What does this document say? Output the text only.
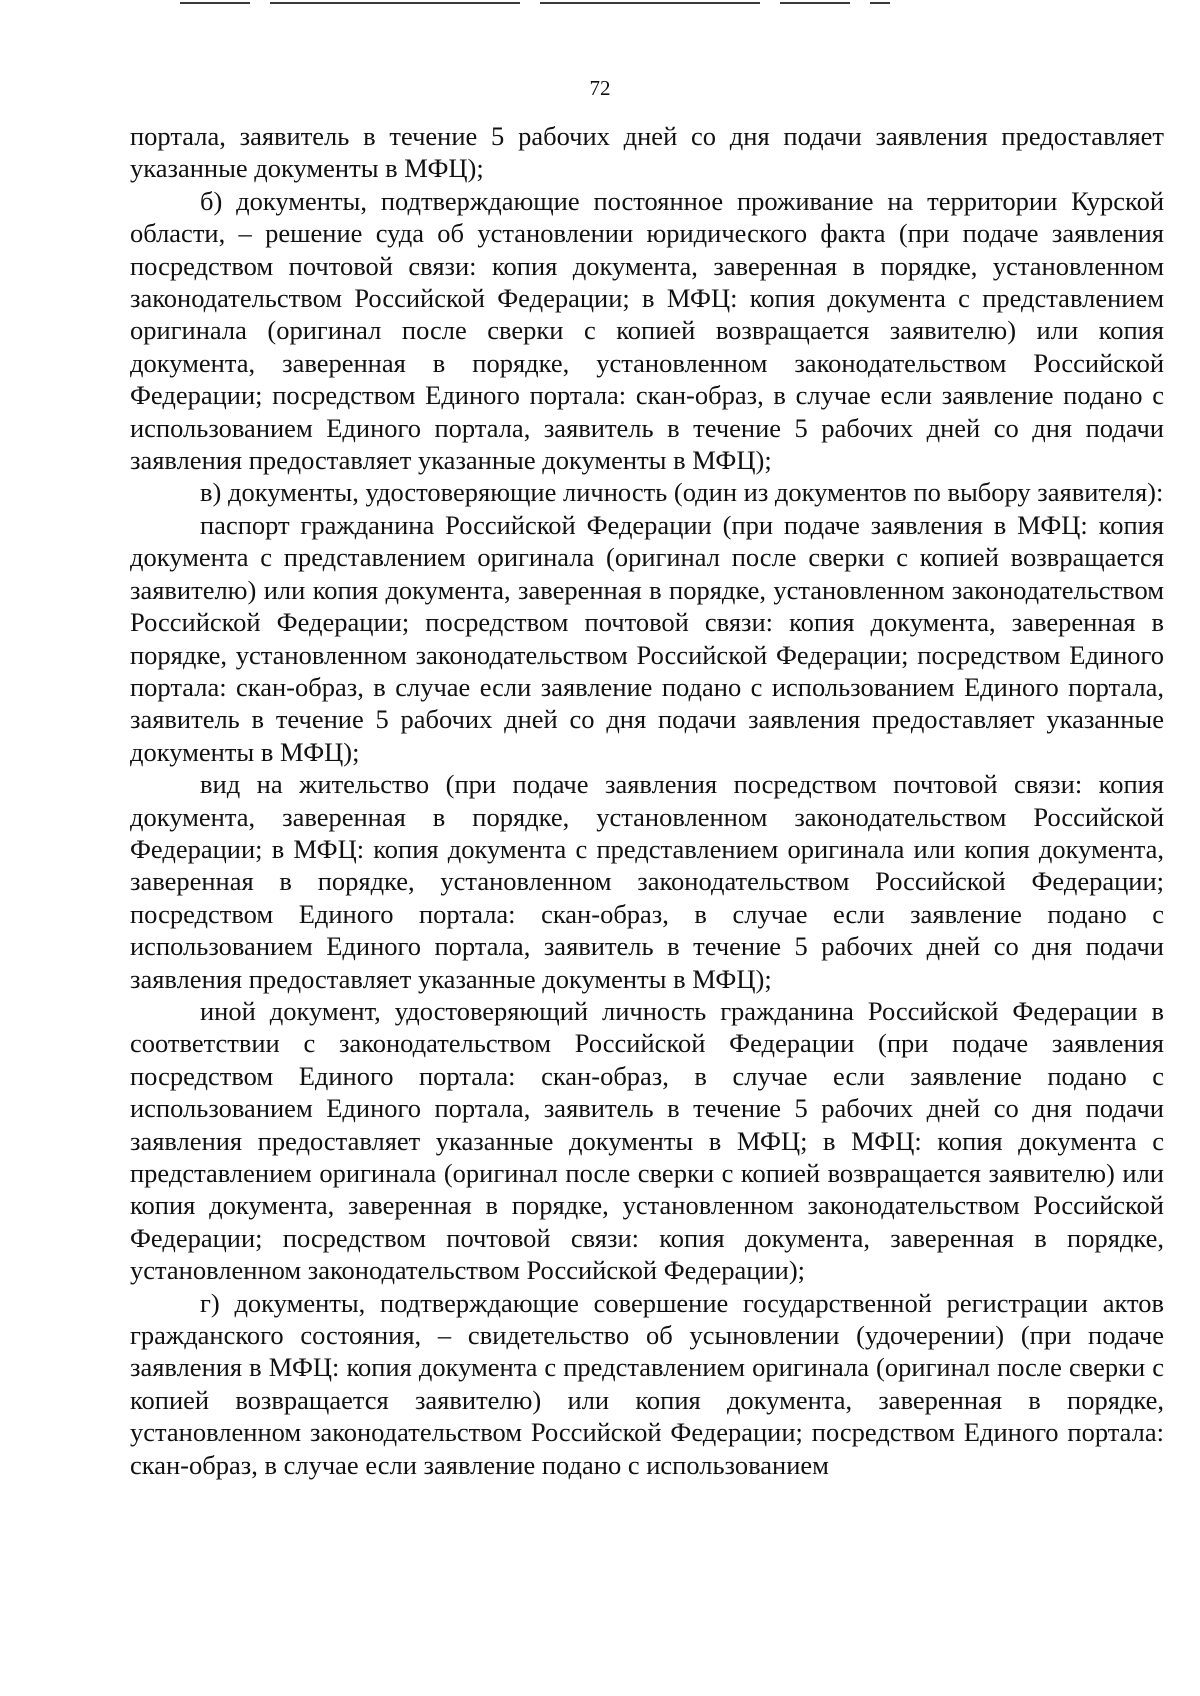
72

портала, заявитель в течение 5 рабочих дней со дня подачи заявления предоставляет указанные документы в МФЦ);

б) документы, подтверждающие постоянное проживание на территории Курской области, – решение суда об установлении юридического факта (при подаче заявления посредством почтовой связи: копия документа, заверенная в порядке, установленном законодательством Российской Федерации; в МФЦ: копия документа с представлением оригинала (оригинал после сверки с копией возвращается заявителю) или копия документа, заверенная в порядке, установленном законодательством Российской Федерации; посредством Единого портала: скан-образ, в случае если заявление подано с использованием Единого портала, заявитель в течение 5 рабочих дней со дня подачи заявления предоставляет указанные документы в МФЦ);

в) документы, удостоверяющие личность (один из документов по выбору заявителя):

паспорт гражданина Российской Федерации (при подаче заявления в МФЦ: копия документа с представлением оригинала (оригинал после сверки с копией возвращается заявителю) или копия документа, заверенная в порядке, установленном законодательством Российской Федерации; посредством почтовой связи: копия документа, заверенная в порядке, установленном законодательством Российской Федерации; посредством Единого портала: скан-образ, в случае если заявление подано с использованием Единого портала, заявитель в течение 5 рабочих дней со дня подачи заявления предоставляет указанные документы в МФЦ);

вид на жительство (при подаче заявления посредством почтовой связи: копия документа, заверенная в порядке, установленном законодательством Российской Федерации; в МФЦ: копия документа с представлением оригинала или копия документа, заверенная в порядке, установленном законодательством Российской Федерации; посредством Единого портала: скан-образ, в случае если заявление подано с использованием Единого портала, заявитель в течение 5 рабочих дней со дня подачи заявления предоставляет указанные документы в МФЦ);

иной документ, удостоверяющий личность гражданина Российской Федерации в соответствии с законодательством Российской Федерации (при подаче заявления посредством Единого портала: скан-образ, в случае если заявление подано с использованием Единого портала, заявитель в течение 5 рабочих дней со дня подачи заявления предоставляет указанные документы в МФЦ; в МФЦ: копия документа с представлением оригинала (оригинал после сверки с копией возвращается заявителю) или копия документа, заверенная в порядке, установленном законодательством Российской Федерации; посредством почтовой связи: копия документа, заверенная в порядке, установленном законодательством Российской Федерации);

г) документы, подтверждающие совершение государственной регистрации актов гражданского состояния, – свидетельство об усыновлении (удочерении) (при подаче заявления в МФЦ: копия документа с представлением оригинала (оригинал после сверки с копией возвращается заявителю) или копия документа, заверенная в порядке, установленном законодательством Российской Федерации; посредством Единого портала: скан-образ, в случае если заявление подано с использованием
